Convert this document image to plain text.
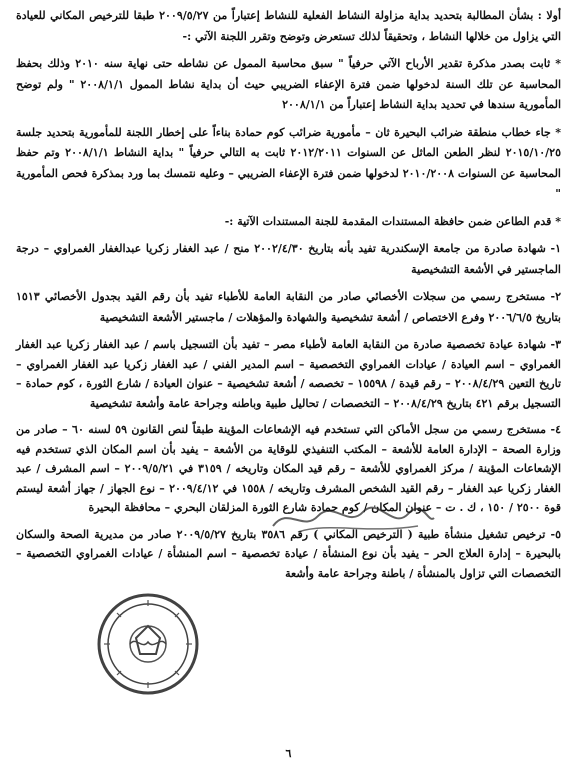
أولا : بشأن المطالبة بتحديد بداية مزاولة النشاط الفعلية للنشاط إعتباراً من ٢٠٠٩/٥/٢٧ طبقا للترخيص المكاني للعيادة التي يزاول من خلالها النشاط ، وتحقيقاً لذلك تستعرض وتوضح وتقرر اللجنة الآتي :-

* ثابت بصدر مذكرة تقدير الأرباح الآتي حرفياً " سبق محاسبة الممول عن نشاطه حتى نهاية سنه ٢٠١٠ وذلك بحفظ المحاسبة عن تلك السنة لدخولها ضمن فترة الإعفاء الضريبي حيث أن بداية نشاط الممول ٢٠٠٨/١/١ " ولم توضح المأمورية سندها في تحديد بداية النشاط إعتباراً من ٢٠٠٨/١/١

* جاء خطاب منطقة ضرائب البحيرة ثان – مأمورية ضرائب كوم حمادة بناءاً على إخطار اللجنة للمأمورية بتحديد جلسة ٢٠١٥/١٠/٢٥ لنظر الطعن الماثل عن السنوات ٢٠١٢/٢٠١١ ثابت به التالي حرفياً " بداية النشاط ٢٠٠٨/١/١ وتم حفظ المحاسبة عن السنوات ٢٠١٠/٢٠٠٨ لدخولها ضمن فترة الإعفاء الضريبي – وعليه نتمسك بما ورد بمذكرة فحص المأمورية "

* قدم الطاعن ضمن حافظة المستندات المقدمة للجنة المستندات الآتية :-

١- شهادة صادرة من جامعة الإسكندرية تفيد بأنه بتاريخ ٢٠٠٢/٤/٣٠ منح / عبد الغفار زكريا عبدالغفار الغمراوي – درجة الماجستير في الأشعة التشخيصية

٢- مستخرج رسمي من سجلات الأخصائي صادر من النقابة العامة للأطباء تفيد بأن رقم القيد بجدول الأخصائي ١٥١٣ بتاريخ ٢٠٠٦/٦/٥ وفرع الاختصاص / أشعة تشخيصية والشهادة والمؤهلات / ماجستير الأشعة التشخيصية

٣- شهادة عيادة تخصصية صادرة من النقابة العامة لأطباء مصر – تفيد بأن التسجيل باسم / عبد الغفار زكريا عبد الغفار الغمراوي – اسم العيادة / عيادات الغمراوي التخصصية – اسم المدير الفني / عبد الغفار زكريا عبد الغفار الغمراوي – تاريخ التعين ٢٠٠٨/٤/٢٩ – رقم قيدة / ١٥٥٩٨ – تخصصه / أشعة تشخيصية – عنوان العيادة / شارع الثورة ، كوم حمادة – التسجيل برقم ٤٢١ بتاريخ ٢٠٠٨/٤/٢٩ – التخصصات / تحاليل طبية وباطنه وجراحة عامة وأشعة تشخيصية

٤- مستخرج رسمي من سجل الأماكن التي تستخدم فيه الإشعاعات المؤينة طبقاً لنص القانون ٥٩ لسنه ٦٠ – صادر من وزارة الصحة – الإدارة العامة للأشعة – المكتب التنفيذي للوقاية من الأشعة – يفيد بأن اسم المكان الذي تستخدم فيه الإشعاعات المؤينة / مركز الغمراوي للأشعة – رقم قيد المكان وتاريخه / ٣١٥٩ في ٢٠٠٩/٥/٢١ – اسم المشرف / عبد الغفار زكريا عبد الغفار – رقم القيد الشخص المشرف وتاريخه / ١٥٥٨ في ٢٠٠٩/٤/١٢ – نوع الجهاز / جهاز أشعة ليستم قوة ٢٥٠٠ / ١٥٠ ، ك . ت – عنوان المكان / كوم حمادة شارع الثورة المزلقان البحري – محافظة البحيرة

٥- ترخيص تشغيل منشأة طبية ( الترخيص المكاني ) رقم ٣٥٨٦ بتاريخ ٢٠٠٩/٥/٢٧ صادر من مديرية الصحة والسكان بالبحيرة – إدارة العلاج الحر – يفيد بأن نوع المنشأة / عيادة تخصصية – اسم المنشأة / عيادات الغمراوي التخصصية – التخصصات التي تزاول بالمنشأة / باطنة وجراحة عامة وأشعة

٦
